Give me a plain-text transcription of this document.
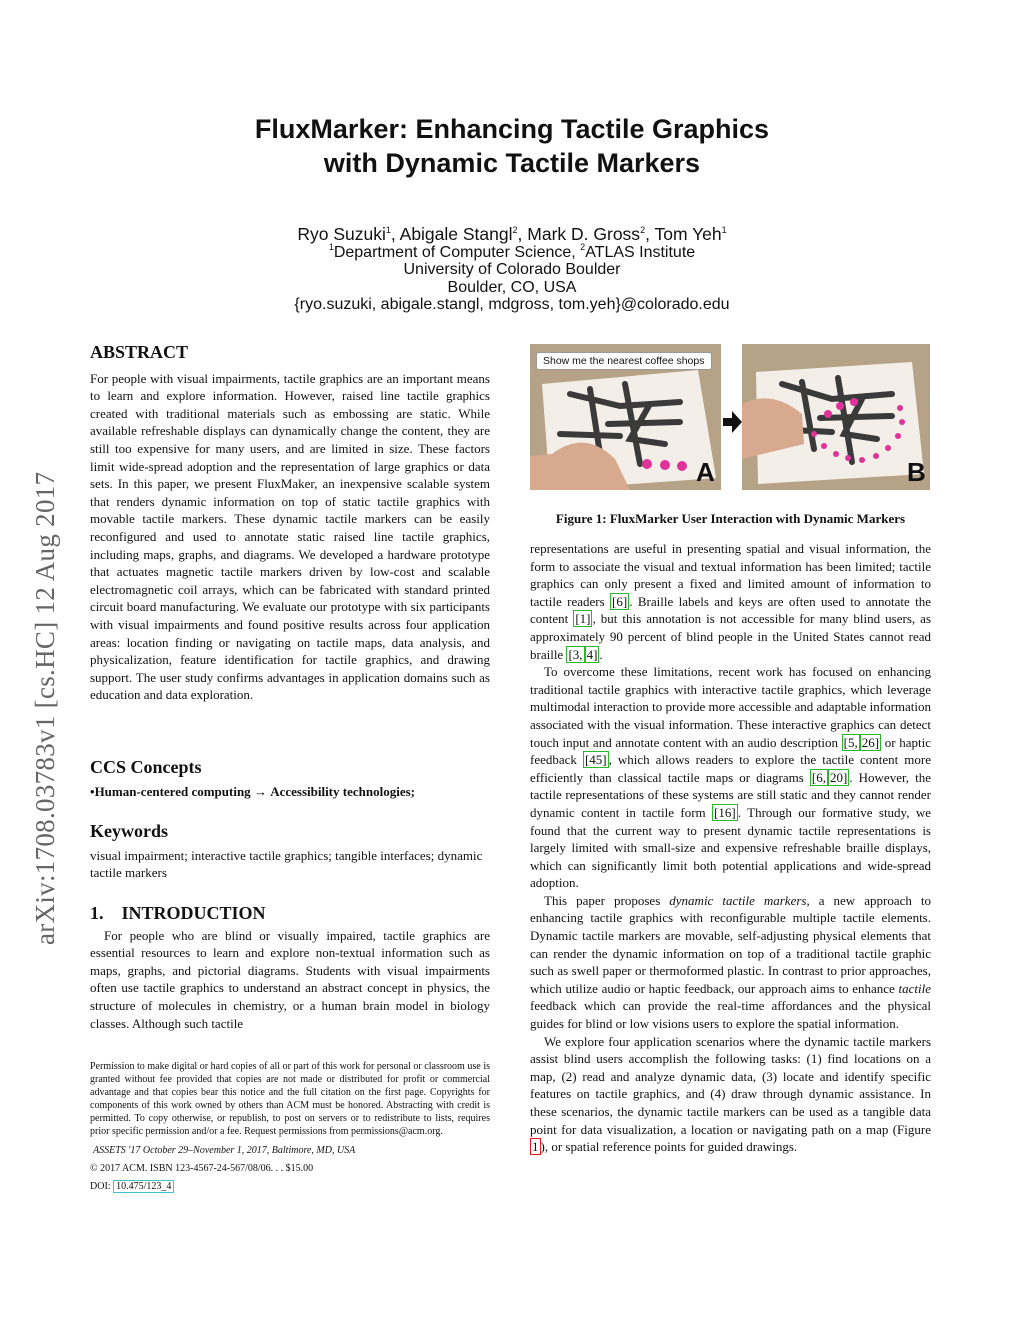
FluxMarker: Enhancing Tactile Graphics
with Dynamic Tactile Markers
Ryo Suzuki$^1$, Abigale Stangl$^2$, Mark D. Gross$^2$, Tom Yeh$^1$
$^1$Department of Computer Science, $^2$ATLAS Institute
University of Colorado Boulder
Boulder, CO, USA
{ryo.suzuki, abigale.stangl, mdgross, tom.yeh}@colorado.edu
arXiv:1708.03783v1 [cs.HC] 12 Aug 2017
ABSTRACT

For people with visual impairments, tactile graphics are an important means to learn and explore information. However, raised line tactile graphics created with traditional materials such as embossing are static. While available refreshable displays can dynamically change the content, they are still too expensive for many users, and are limited in size. These factors limit wide-spread adoption and the representation of large graphics or data sets. In this paper, we present FluxMaker, an inexpensive scalable system that renders dynamic information on top of static tactile graphics with movable tactile markers. These dynamic tactile markers can be easily reconfigured and used to annotate static raised line tactile graphics, including maps, graphs, and diagrams. We developed a hardware prototype that actuates magnetic tactile markers driven by low-cost and scalable electromagnetic coil arrays, which can be fabricated with standard printed circuit board manufacturing. We evaluate our prototype with six participants with visual impairments and found positive results across four application areas: location finding or navigating on tactile maps, data analysis, and physicalization, feature identification for tactile graphics, and drawing support. The user study confirms advantages in application domains such as education and data exploration.

CCS Concepts

•Human-centered computing → Accessibility technologies;

Keywords

visual impairment; interactive tactile graphics; tangible interfaces; dynamic tactile markers

1.    INTRODUCTION

For people who are blind or visually impaired, tactile graphics are essential resources to learn and explore non-textual information such as maps, graphs, and pictorial diagrams. Students with visual impairments often use tactile graphics to understand an abstract concept in physics, the structure of molecules in chemistry, or a human brain model in biology classes. Although such tactile

Permission to make digital or hard copies of all or part of this work for personal or classroom use is granted without fee provided that copies are not made or distributed for profit or commercial advantage and that copies bear this notice and the full citation on the first page. Copyrights for components of this work owned by others than ACM must be honored. Abstracting with credit is permitted. To copy otherwise, or republish, to post on servers or to redistribute to lists, requires prior specific permission and/or a fee. Request permissions from permissions@acm.org.

ASSETS '17 October 29–November 1, 2017, Baltimore, MD, USA

© 2017 ACM. ISBN 123-4567-24-567/08/06. . . $15.00

DOI: 10.475/123_4

Show me the nearest coffee shops
A	B
Figure 1: FluxMarker User Interaction with Dynamic Markers

representations are useful in presenting spatial and visual information, the form to associate the visual and textual information has been limited; tactile graphics can only present a fixed and limited amount of information to tactile readers [6] . Braille labels and keys are often used to annotate the content [1] , but this annotation is not accessible for many blind users, as approximately 90 percent of blind people in the United States cannot read braille [3, 4] .

To overcome these limitations, recent work has focused on enhancing traditional tactile graphics with interactive tactile graphics, which leverage multimodal interaction to provide more accessible and adaptable information associated with the visual information. These interactive graphics can detect touch input and annotate content with an audio description [5, 26] or haptic feedback [45] , which allows readers to explore the tactile content more efficiently than classical tactile maps or diagrams [6, 20] . However, the tactile representations of these systems are still static and they cannot render dynamic content in tactile form [16] . Through our formative study, we found that the current way to present dynamic tactile representations is largely limited with small-size and expensive refreshable braille displays, which can significantly limit both potential applications and wide-spread adoption.

This paper proposes dynamic tactile markers, a new approach to enhancing tactile graphics with reconfigurable multiple tactile elements. Dynamic tactile markers are movable, self-adjusting physical elements that can render the dynamic information on top of a traditional tactile graphic such as swell paper or thermoformed plastic. In contrast to prior approaches, which utilize audio or haptic feedback, our approach aims to enhance tactile feedback which can provide the real-time affordances and the physical guides for blind or low visions users to explore the spatial information.

We explore four application scenarios where the dynamic tactile markers assist blind users accomplish the following tasks: (1) find locations on a map, (2) read and analyze dynamic data, (3) locate and identify specific features on tactile graphics, and (4) draw through dynamic assistance. In these scenarios, the dynamic tactile markers can be used as a tangible data point for data visualization, a location or navigating path on a map (Figure 1 ), or spatial reference points for guided drawings.
